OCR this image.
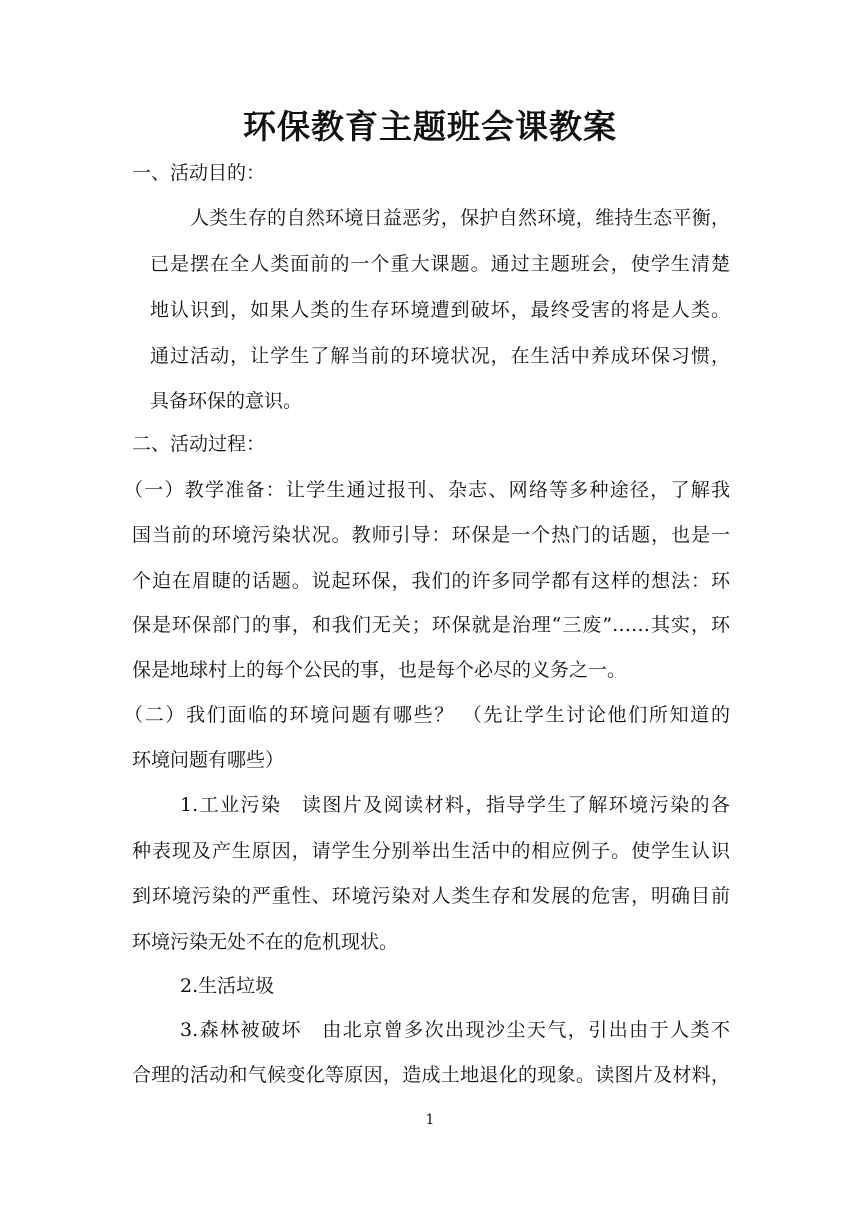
环保教育主题班会课教案

一、活动目的：

人类生存的自然环境日益恶劣，保护自然环境，维持生态平衡，

已是摆在全人类面前的一个重大课题。通过主题班会，使学生清楚

地认识到，如果人类的生存环境遭到破坏，最终受害的将是人类。

通过活动，让学生了解当前的环境状况，在生活中养成环保习惯，

具备环保的意识。

二、活动过程：

（一）教学准备：让学生通过报刊、杂志、网络等多种途径，了解我

国当前的环境污染状况。教师引导：环保是一个热门的话题，也是一

个迫在眉睫的话题。说起环保，我们的许多同学都有这样的想法：环

保是环保部门的事，和我们无关；环保就是治理“三废”……其实，环

保是地球村上的每个公民的事，也是每个必尽的义务之一。

（二）我们面临的环境问题有哪些？ （先让学生讨论他们所知道的

环境问题有哪些）

1.工业污染　读图片及阅读材料，指导学生了解环境污染的各

种表现及产生原因，请学生分别举出生活中的相应例子。使学生认识

到环境污染的严重性、环境污染对人类生存和发展的危害，明确目前

环境污染无处不在的危机现状。

2.生活垃圾

3.森林被破坏　由北京曾多次出现沙尘天气，引出由于人类不

合理的活动和气候变化等原因，造成土地退化的现象。读图片及材料，

1
